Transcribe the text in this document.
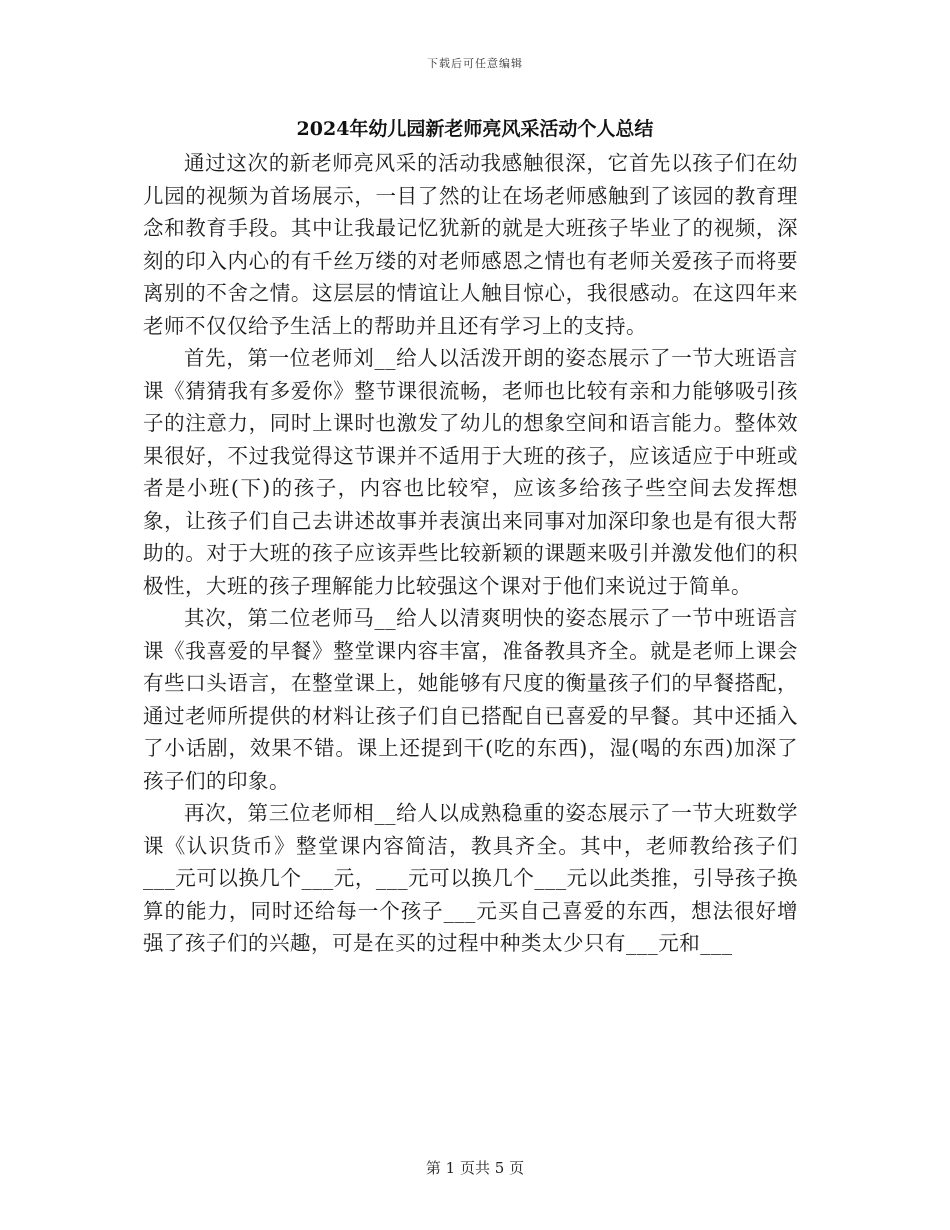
下载后可任意编辑
2024年幼儿园新老师亮风采活动个人总结

通过这次的新老师亮风采的活动我感触很深，它首先以孩子们在幼儿园的视频为首场展示，一目了然的让在场老师感触到了该园的教育理念和教育手段。其中让我最记忆犹新的就是大班孩子毕业了的视频，深刻的印入内心的有千丝万缕的对老师感恩之情也有老师关爱孩子而将要离别的不舍之情。这层层的情谊让人触目惊心，我很感动。在这四年来老师不仅仅给予生活上的帮助并且还有学习上的支持。

首先，第一位老师刘__给人以活泼开朗的姿态展示了一节大班语言课《猜猜我有多爱你》整节课很流畅，老师也比较有亲和力能够吸引孩子的注意力，同时上课时也激发了幼儿的想象空间和语言能力。整体效果很好，不过我觉得这节课并不适用于大班的孩子，应该适应于中班或者是小班(下)的孩子，内容也比较窄，应该多给孩子些空间去发挥想象，让孩子们自己去讲述故事并表演出来同事对加深印象也是有很大帮助的。对于大班的孩子应该弄些比较新颖的课题来吸引并激发他们的积极性，大班的孩子理解能力比较强这个课对于他们来说过于简单。

其次，第二位老师马__给人以清爽明快的姿态展示了一节中班语言课《我喜爱的早餐》整堂课内容丰富，准备教具齐全。就是老师上课会有些口头语言，在整堂课上，她能够有尺度的衡量孩子们的早餐搭配，通过老师所提供的材料让孩子们自已搭配自已喜爱的早餐。其中还插入了小话剧，效果不错。课上还提到干(吃的东西)，湿(喝的东西)加深了孩子们的印象。

再次，第三位老师相__给人以成熟稳重的姿态展示了一节大班数学课《认识货币》整堂课内容简洁，教具齐全。其中，老师教给孩子们___元可以换几个___元，___元可以换几个___元以此类推，引导孩子换算的能力，同时还给每一个孩子___元买自己喜爱的东西，想法很好增强了孩子们的兴趣，可是在买的过程中种类太少只有___元和___

第 1 页共 5 页
